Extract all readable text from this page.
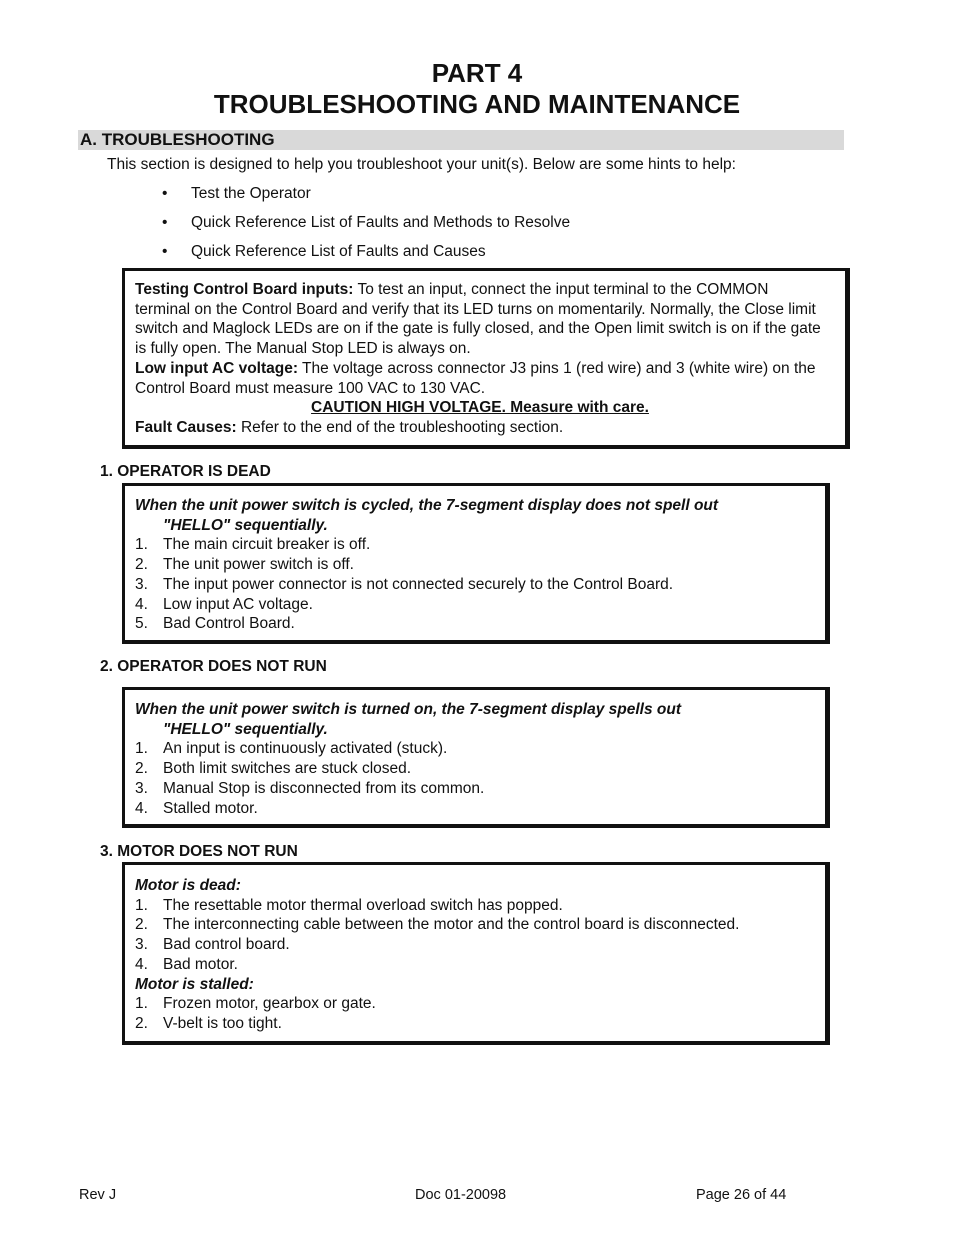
PART 4
TROUBLESHOOTING AND MAINTENANCE
A. TROUBLESHOOTING
This section is designed to help you troubleshoot your unit(s). Below are some hints to help:
•	Test the Operator
•	Quick Reference List of Faults and Methods to Resolve
•	Quick Reference List of Faults and Causes

Testing Control Board inputs: To test an input, connect the input terminal to the COMMON terminal on the Control Board and verify that its LED turns on momentarily. Normally, the Close limit switch and Maglock LEDs are on if the gate is fully closed, and the Open limit switch is on if the gate is fully open. The Manual Stop LED is always on.

Low input AC voltage: The voltage across connector J3 pins 1 (red wire) and 3 (white wire) on the Control Board must measure 100 VAC to 130 VAC.

CAUTION HIGH VOLTAGE. Measure with care.

Fault Causes: Refer to the end of the troubleshooting section.

1. OPERATOR IS DEAD

When the unit power switch is cycled, the 7-segment display does not spell out

"HELLO" sequentially.

1. The main circuit breaker is off.
2. The unit power switch is off.
3. The input power connector is not connected securely to the Control Board.
4. Low input AC voltage.
5. Bad Control Board.
2. OPERATOR DOES NOT RUN

When the unit power switch is turned on, the 7-segment display spells out

"HELLO" sequentially.

1. An input is continuously activated (stuck).
2. Both limit switches are stuck closed.
3. Manual Stop is disconnected from its common.
4. Stalled motor.
3. MOTOR DOES NOT RUN

Motor is dead:

1. The resettable motor thermal overload switch has popped.
2. The interconnecting cable between the motor and the control board is disconnected.
3. Bad control board.
4. Bad motor.

Motor is stalled:

1. Frozen motor, gearbox or gate.
2. V-belt is too tight.
Rev J	Doc 01-20098	Page 26 of 44
